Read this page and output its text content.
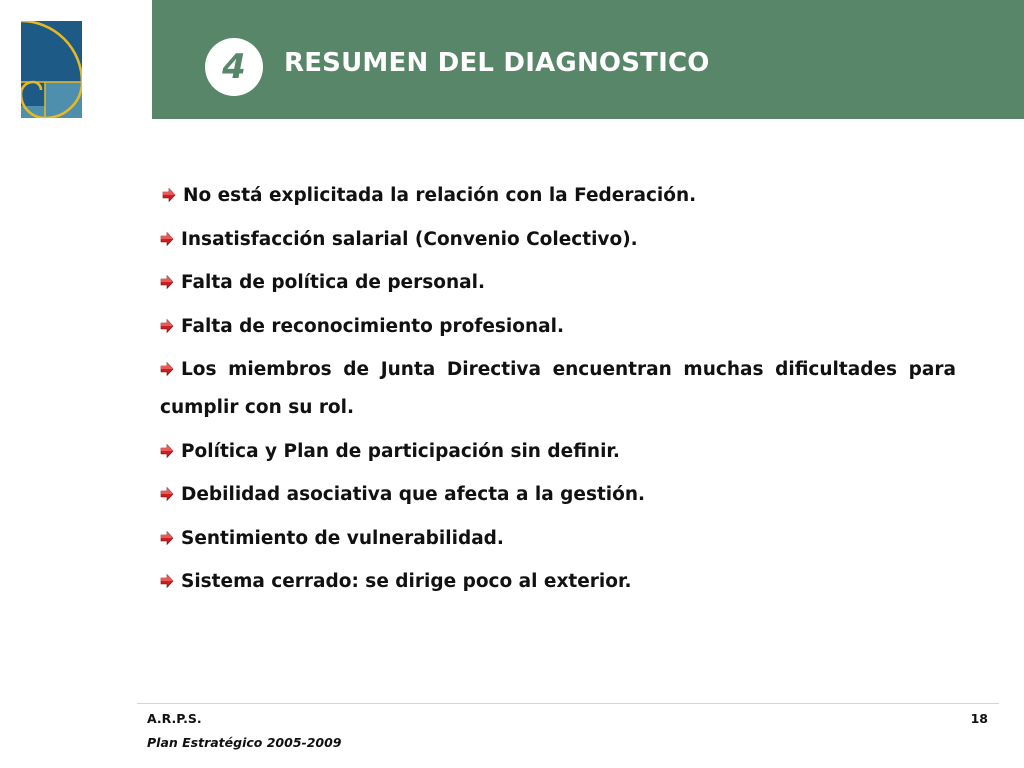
4 RESUMEN DEL DIAGNOSTICO
No está explicitada la relación con la Federación.
Insatisfacción salarial (Convenio Colectivo).
Falta de política de personal.
Falta de reconocimiento profesional.
Los miembros de Junta Directiva encuentran muchas dificultades para cumplir con su rol.
Política y Plan de participación sin definir.
Debilidad asociativa que afecta a la gestión.
Sentimiento de vulnerabilidad.
Sistema cerrado: se dirige poco al exterior.
A.R.P.S.	18
Plan Estratégico 2005-2009
